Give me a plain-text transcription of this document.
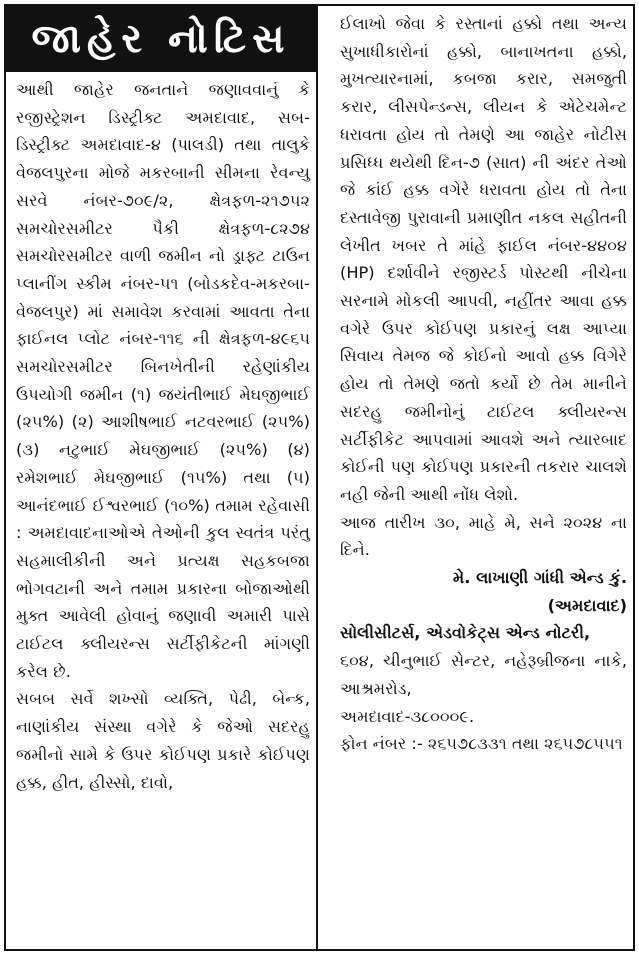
જાહેર નોટિસ

આથી જાહેર જનતાને જણાવવાનું કે રજીસ્ટ્રેશન ડિસ્ટ્રીક્ટ અમદાવાદ, સબ-ડિસ્ટ્રીક્ટ અમદાવાદ-૪ (પાલડી) તથા તાલુકે વેજલપુરના મોજે મકરબાની સીમના રેવન્યુ સરવે નંબર-૭૦૯/૨, ક્ષેત્રફળ-૨૧૭૫૨ સમચોરસમીટર પૈકી ક્ષેત્રફળ-૮૨૭૪ સમચોરસમીટર વાળી જમીન નો ડ્રાફ્ટ ટાઉન પ્લાનીંગ સ્કીમ નંબર-૫૧ (બોડકદેવ-મકરબા-વેજલપુર) માં સમાવેશ કરવામાં આવતા તેના ફાઈનલ પ્લોટ નંબર-૧૧૬ ની ક્ષેત્રફળ-૪૯૬૫ સમચોરસમીટર બિનખેતીની રહેણાંકીય ઉપયોગી જમીન (૧) જયંતીભાઈ મેઘજીભાઈ (૨૫%) (૨) આશીષભાઈ નટવરભાઈ (૨૫%) (૩) નટુભાઈ મેઘજીભાઈ (૨૫%) (૪) રમેશભાઈ મેઘજીભાઈ (૧૫%) તથા (૫) આનંદભાઈ ઈશ્વરભાઈ (૧૦%) તમામ રહેવાસી : અમદાવાદનાઓએ તેઓની કુલ સ્વતંત્ર પરંતુ સહમાલીકીની અને પ્રત્યક્ષ સહકબજા ભોગવટાની અને તમામ પ્રકારના બોજાઓથી મુક્ત આવેલી હોવાનું જણાવી અમારી પાસે ટાઈટલ ક્લીયરન્સ સર્ટીફીકેટની માંગણી કરેલ છે.

સબબ સર્વે શખ્સો વ્યક્તિ, પેઢી, બેન્ક, નાણાંકીય સંસ્થા વગેરે કે જેઓ સદરહુ જમીનો સામે કે ઉપર કોઈપણ પ્રકારે કોઈપણ હક્ક, હીત, હીસ્સો, દાવો,

ઈલાખો જેવા કે રસ્તાનાં હક્કો તથા અન્ય સુખાધીકારોનાં હક્કો, બાનાખતના હક્કો, મુખત્યારનામાં, કબજા કરાર, સમજુતી કરાર, લીસપેન્ડન્સ, લીયન કે એટેચમેન્ટ ધરાવતા હોય તો તેમણે આ જાહેર નોટીસ પ્રસિધ્ધ થયેથી દિન-૭ (સાત) ની અંદર તેઓ જે કાંઈ હક્ક વગેરે ધરાવતા હોય તો તેના દસ્તાવેજી પુરાવાની પ્રમાણીત નકલ સહીતની લેખીત ખબર તે માંહે ફાઈલ નંબર-૪૪૦૪ (HP) દર્શાવીને રજીસ્ટર્ડ પોસ્ટથી નીચેના સરનામે મોકલી આપવી, નહીંતર આવા હક્ક વગેરે ઉપર કોઈપણ પ્રકારનું લક્ષ આપ્યા સિવાય તેમજ જે કોઈનો આવો હક્ક વિગેરે હોય તો તેમણે જતો કર્યો છે તેમ માનીને સદરહુ જમીનોનું ટાઈટલ ક્લીયરન્સ સર્ટીફીકેટ આપવામાં આવશે અને ત્યારબાદ કોઈની પણ કોઈપણ પ્રકારની તકરાર ચાલશે નહી જેની આથી નોંધ લેશો.

આજ તારીખ ૩૦, માહે મે, સને ૨૦૨૪ ના દિને.

મે. લાખાણી ગાંધી એન્ડ કું.

(અમદાવાદ)

સોલીસીટર્સ, એડવોકેટ્સ એન્ડ નોટરી,

૬૦૪, ચીનુભાઈ સેન્ટર, નહેરૂબ્રીજના નાકે, આશ્રમરોડ,

અમદાવાદ-૩૮૦૦૦૯.

ફોન નંબર :- ૨૬૫૭૮૩૩૧ તથા ૨૬૫૭૮૫૫૧
